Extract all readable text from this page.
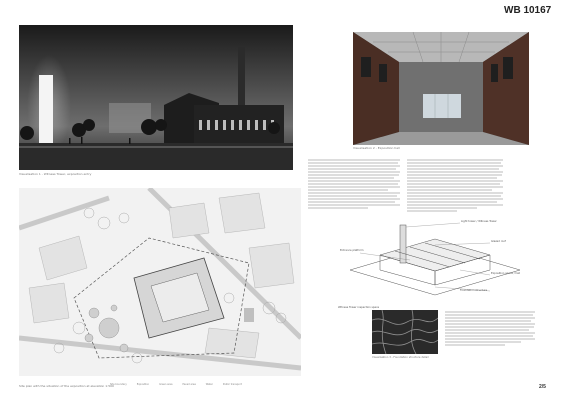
WB 10167
Visualisation 1 - Witness Tower, exposition entry
Visualisation 2 - Exposition hall
Site plan with the situation of the exposition at elevation 1:500
Site boundary	Exposition	Green area	Paved area	Water	Public transport
Light tower / Witness Tower
Glazed roof
Entrance platform
Exposition space / hall
Foundation structure
Witness Tower inspection space
Visualisation 3 - Foundation structure detail
2/5
